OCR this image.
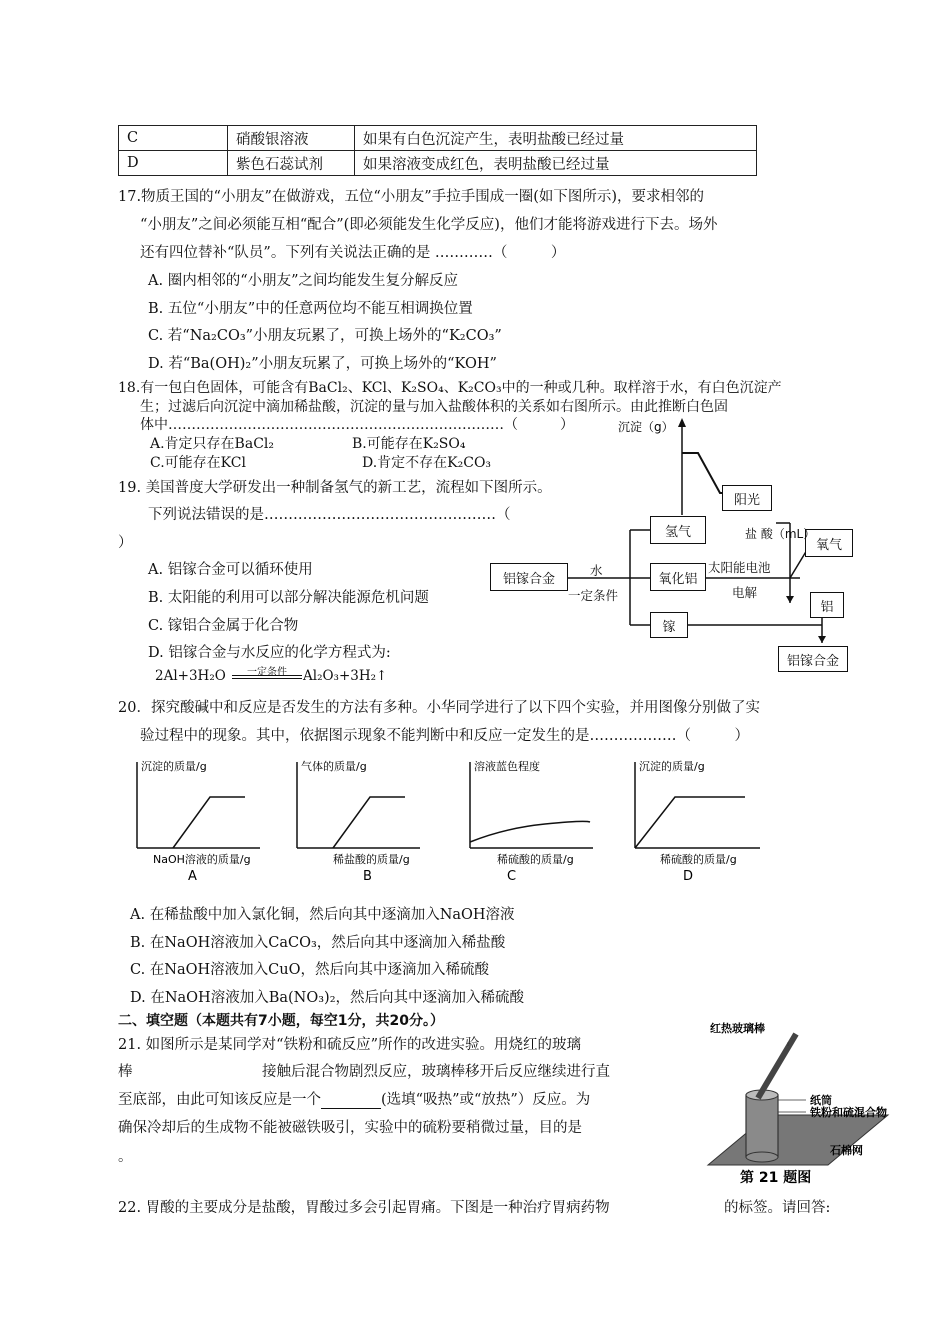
C	硝酸银溶液	如果有白色沉淀产生，表明盐酸已经过量
D	紫色石蕊试剂	如果溶液变成红色，表明盐酸已经过量
17.物质王国的“小朋友”在做游戏，五位“小朋友”手拉手围成一圈(如下图所示)，要求相邻的
“小朋友”之间必须能互相“配合”(即必须能发生化学反应)，他们才能将游戏进行下去。场外
还有四位替补“队员”。下列有关说法正确的是 …………（　　　）
A. 圈内相邻的“小朋友”之间均能发生复分解反应
B. 五位“小朋友”中的任意两位均不能互相调换位置
C. 若“Na₂CO₃”小朋友玩累了，可换上场外的“K₂CO₃”
D. 若“Ba(OH)₂”小朋友玩累了，可换上场外的“KOH”
18.有一包白色固体，可能含有BaCl₂、KCl、K₂SO₄、K₂CO₃中的一种或几种。取样溶于水，有白色沉淀产
生；过滤后向沉淀中滴加稀盐酸，沉淀的量与加入盐酸体积的关系如右图所示。由此推断白色固
体中………………………………………………………………（　　　）
A.肯定只存在BaCl₂	B.可能存在K₂SO₄
C.可能存在KCl	D.肯定不存在K₂CO₃
沉淀（g）
19. 美国普度大学研发出一种制备氢气的新工艺，流程如下图所示。
下列说法错误的是…………………………………………（
）
A. 铝镓合金可以循环使用
B. 太阳能的利用可以部分解决能源危机问题
C. 镓铝合金属于化合物
D. 铝镓合金与水反应的化学方程式为:
2Al+3H₂O	一定条件	Al₂O₃+3H₂↑
铝镓合金
氢气
氧化铝
镓
阳光
氧气
铝
铝镓合金
水
一定条件
太阳能电池
电解
盐 酸（mL）
20．探究酸碱中和反应是否发生的方法有多种。小华同学进行了以下四个实验，并用图像分别做了实
验过程中的现象。其中，依据图示现象不能判断中和反应一定发生的是………………（　　　）
沉淀的质量/g
NaOH溶液的质量/g
A
气体的质量/g
稀盐酸的质量/g
B
溶液蓝色程度
稀硫酸的质量/g
C
沉淀的质量/g
稀硫酸的质量/g
D
A. 在稀盐酸中加入氯化铜，然后向其中逐滴加入NaOH溶液
B. 在NaOH溶液加入CaCO₃，然后向其中逐滴加入稀盐酸
C. 在NaOH溶液加入CuO，然后向其中逐滴加入稀硫酸
D. 在NaOH溶液加入Ba(NO₃)₂，然后向其中逐滴加入稀硫酸
二、填空题（本题共有7小题，每空1分，共20分。）
21. 如图所示是某同学对“铁粉和硫反应”所作的改进实验。用烧红的玻璃
棒	接触后混合物剧烈反应，玻璃棒移开后反应继续进行直
至底部，由此可知该反应是一个	(选填“吸热”或“放热”）反应。为
确保冷却后的生成物不能被磁铁吸引，实验中的硫粉要稍微过量，目的是
。
红热玻璃棒
纸筒
铁粉和硫混合物
石棉网
第 21 题图
22. 胃酸的主要成分是盐酸，胃酸过多会引起胃痛。下图是一种治疗胃病药物	的标签。请回答:
